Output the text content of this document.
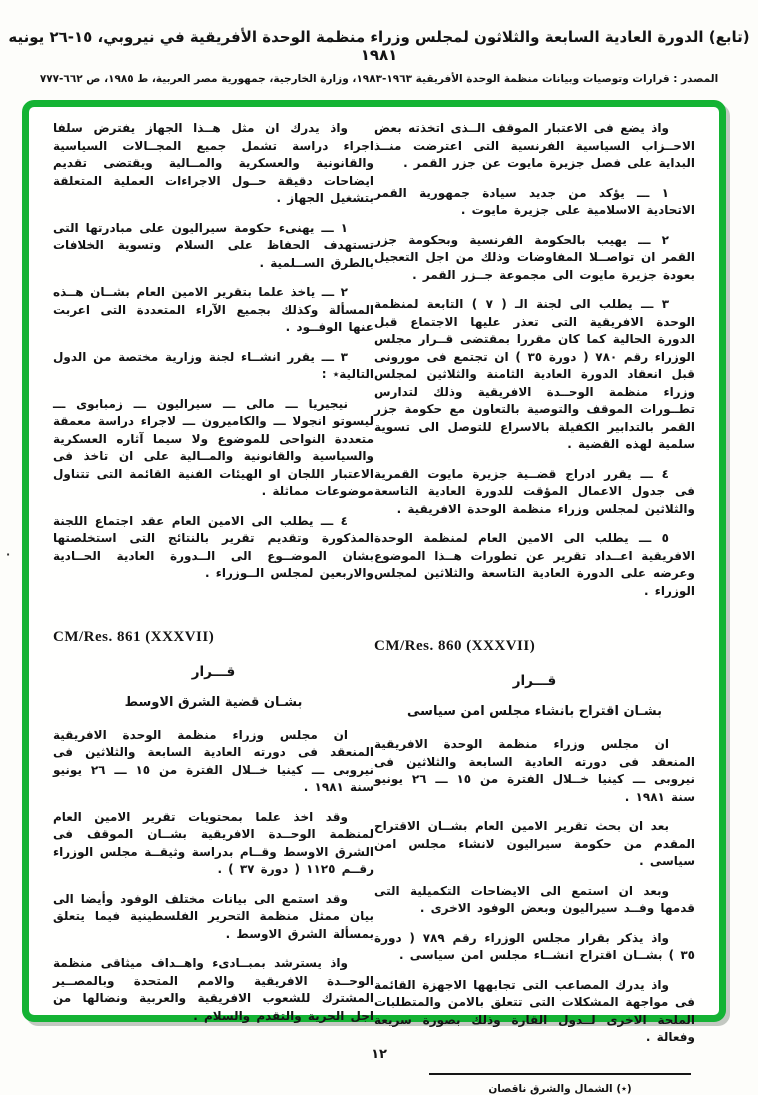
(تابع) الدورة العادية السابعة والثلاثون لمجلس وزراء منظمة الوحدة الأفريقية في نيروبي، ١٥-٢٦ يونيه ١٩٨١
المصدر : قرارات وتوصيات وبيانات منظمة الوحدة الأفريقية ١٩٦٣-١٩٨٣، وزارة الخارجية، جمهورية مصر العربية، ط ١٩٨٥، ص ٦٦٢-٧٧٧

واذ يضع فى الاعتبار الموقف الــذى اتخذته بعض الاحــزاب السياسية الفرنسية التى اعترضت منــذ البداية على فصل جزيرة مايوت عن جزر القمر .

١ ـــ يؤكد من جديد سيادة جمهورية القمر الاتحادية الاسلامية على جزيرة مايوت .

٢ ـــ يهيب بالحكومة الفرنسية وبحكومة جزر القمر ان تواصــلا المفاوضات وذلك من اجل التعجيل بعودة جزيرة مايوت الى مجموعة جــزر القمر .

٣ ـــ يطلب الى لجنة الـ ( ٧ ) التابعة لمنظمة الوحدة الافريقية التى تعذر عليها الاجتماع قبل الدورة الحالية كما كان مقررا بمقتضى قــرار مجلس الوزراء رقم ٧٨٠ ( دورة ٣٥ ) ان تجتمع فى مورونى قبل انعقاد الدورة العادية الثامنة والثلاثين لمجلس وزراء منظمة الوحــدة الافريقية وذلك لتدارس تطــورات الموقف والتوصية بالتعاون مع حكومة جزر القمر بالتدابير الكفيلة بالاسراع للتوصل الى تسوية سلمية لهذه القضية .

٤ ـــ يقرر ادراج قضــية جزيرة مايوت القمرية فى جدول الاعمال المؤقت للدورة العادية التاسعة والثلاثين لمجلس وزراء منظمة الوحدة الافريقية .

٥ ـــ يطلب الى الامين العام لمنظمة الوحدة الافريقية اعــداد تقرير عن تطورات هــذا الموضوع وعرضه على الدورة العادية التاسعة والثلاثين لمجلس الوزراء .

CM/Res. 860 (XXXVII)
قـــرار
بشـان اقتراح بانشاء مجلس امن سياسى

ان مجلس وزراء منظمة الوحدة الافريقية المنعقد فى دورته العادية السابعة والثلاثين فى نيروبى ـــ كينيا خــلال الفترة من ١٥ ـــ ٢٦ يونيو سنة ١٩٨١ .

بعد ان بحث تقرير الامين العام بشــان الاقتراح المقدم من حكومة سيراليون لانشاء مجلس امن سياسى .

وبعد ان استمع الى الايضاحات التكميلية التى قدمها وفــد سيراليون وبعض الوفود الاخرى .

واذ يذكر بقرار مجلس الوزراء رقم ٧٨٩ ( دورة ٣٥ ) بشــان اقتراح انشــاء مجلس امن سياسى .

واذ يدرك المصاعب التى تجابهها الاجهزة القائمة فى مواجهة المشكلات التى تتعلق بالامن والمتطلبات الملحة الاخرى لــدول القارة وذلك بصورة سريعة وفعالة .

(٭) الشمال والشرق ناقصان

واذ يدرك ان مثل هــذا الجهاز يفترض سلفا اجراء دراسة تشمل جميع المجــالات السياسية والقانونية والعسكرية والمــالية ويقتضى تقديم ايضاحات دقيقة حــول الاجراءات العملية المتعلقة بتشغيل الجهاز .

١ ـــ يهنىء حكومة سيراليون على مبادرتها التى تستهدف الحفاظ على السلام وتسوية الخلافات بالطرق الســلمية .

٢ ـــ ياخذ علما بتقرير الامين العام بشــان هــذه المسألة وكذلك بجميع الآراء المتعددة التى اعربت عنها الوفــود .

٣ ـــ يقرر انشــاء لجنة وزارية مختصة من الدول التالية٭ :

نيجيريا ـــ مالى ـــ سيراليون ـــ زمبابوى ـــ ليسوتو انجولا ـــ والكاميرون ـــ لاجراء دراسة معمقة متعددة النواحى للموضوع ولا سيما آثاره العسكرية والسياسية والقانونية والمــالية على ان تاخذ فى الاعتبار اللجان او الهيئات الفنية القائمة التى تتناول موضوعات مماثلة .

٤ ـــ يطلب الى الامين العام عقد اجتماع اللجنة المذكورة وتقديم تقرير بالنتائج التى استخلصتها بشان الموضــوع الى الــدورة العادية الحــادية والاربعين لمجلس الــوزراء .

CM/Res. 861 (XXXVII)
قـــرار
بشـان قضية الشرق الاوسط

ان مجلس وزراء منظمة الوحدة الافريقية المنعقد فى دورته العادية السابعة والثلاثين فى نيروبى ـــ كينيا خــلال الفترة من ١٥ ـــ ٢٦ يونيو سنة ١٩٨١ .

وقد اخذ علما بمحتويات تقرير الامين العام لمنظمة الوحــدة الافريقية بشــان الموقف فى الشرق الاوسط وقــام بدراسة وثيقــة مجلس الوزراء رقــم ١١٢٥ ( دورة ٣٧ ) .

وقد استمع الى بيانات مختلف الوفود وأيضا الى بيان ممثل منظمة التحرير الفلسطينية فيما يتعلق بمسألة الشرق الاوسط .

واذ يسترشد بمبــادىء واهــداف ميثاقى منظمة الوحــدة الافريقية والامم المتحدة وبالمصــير المشترك للشعوب الافريقية والعربية ونضالها من اجل الحرية والتقدم والسلام .

·
١٢
